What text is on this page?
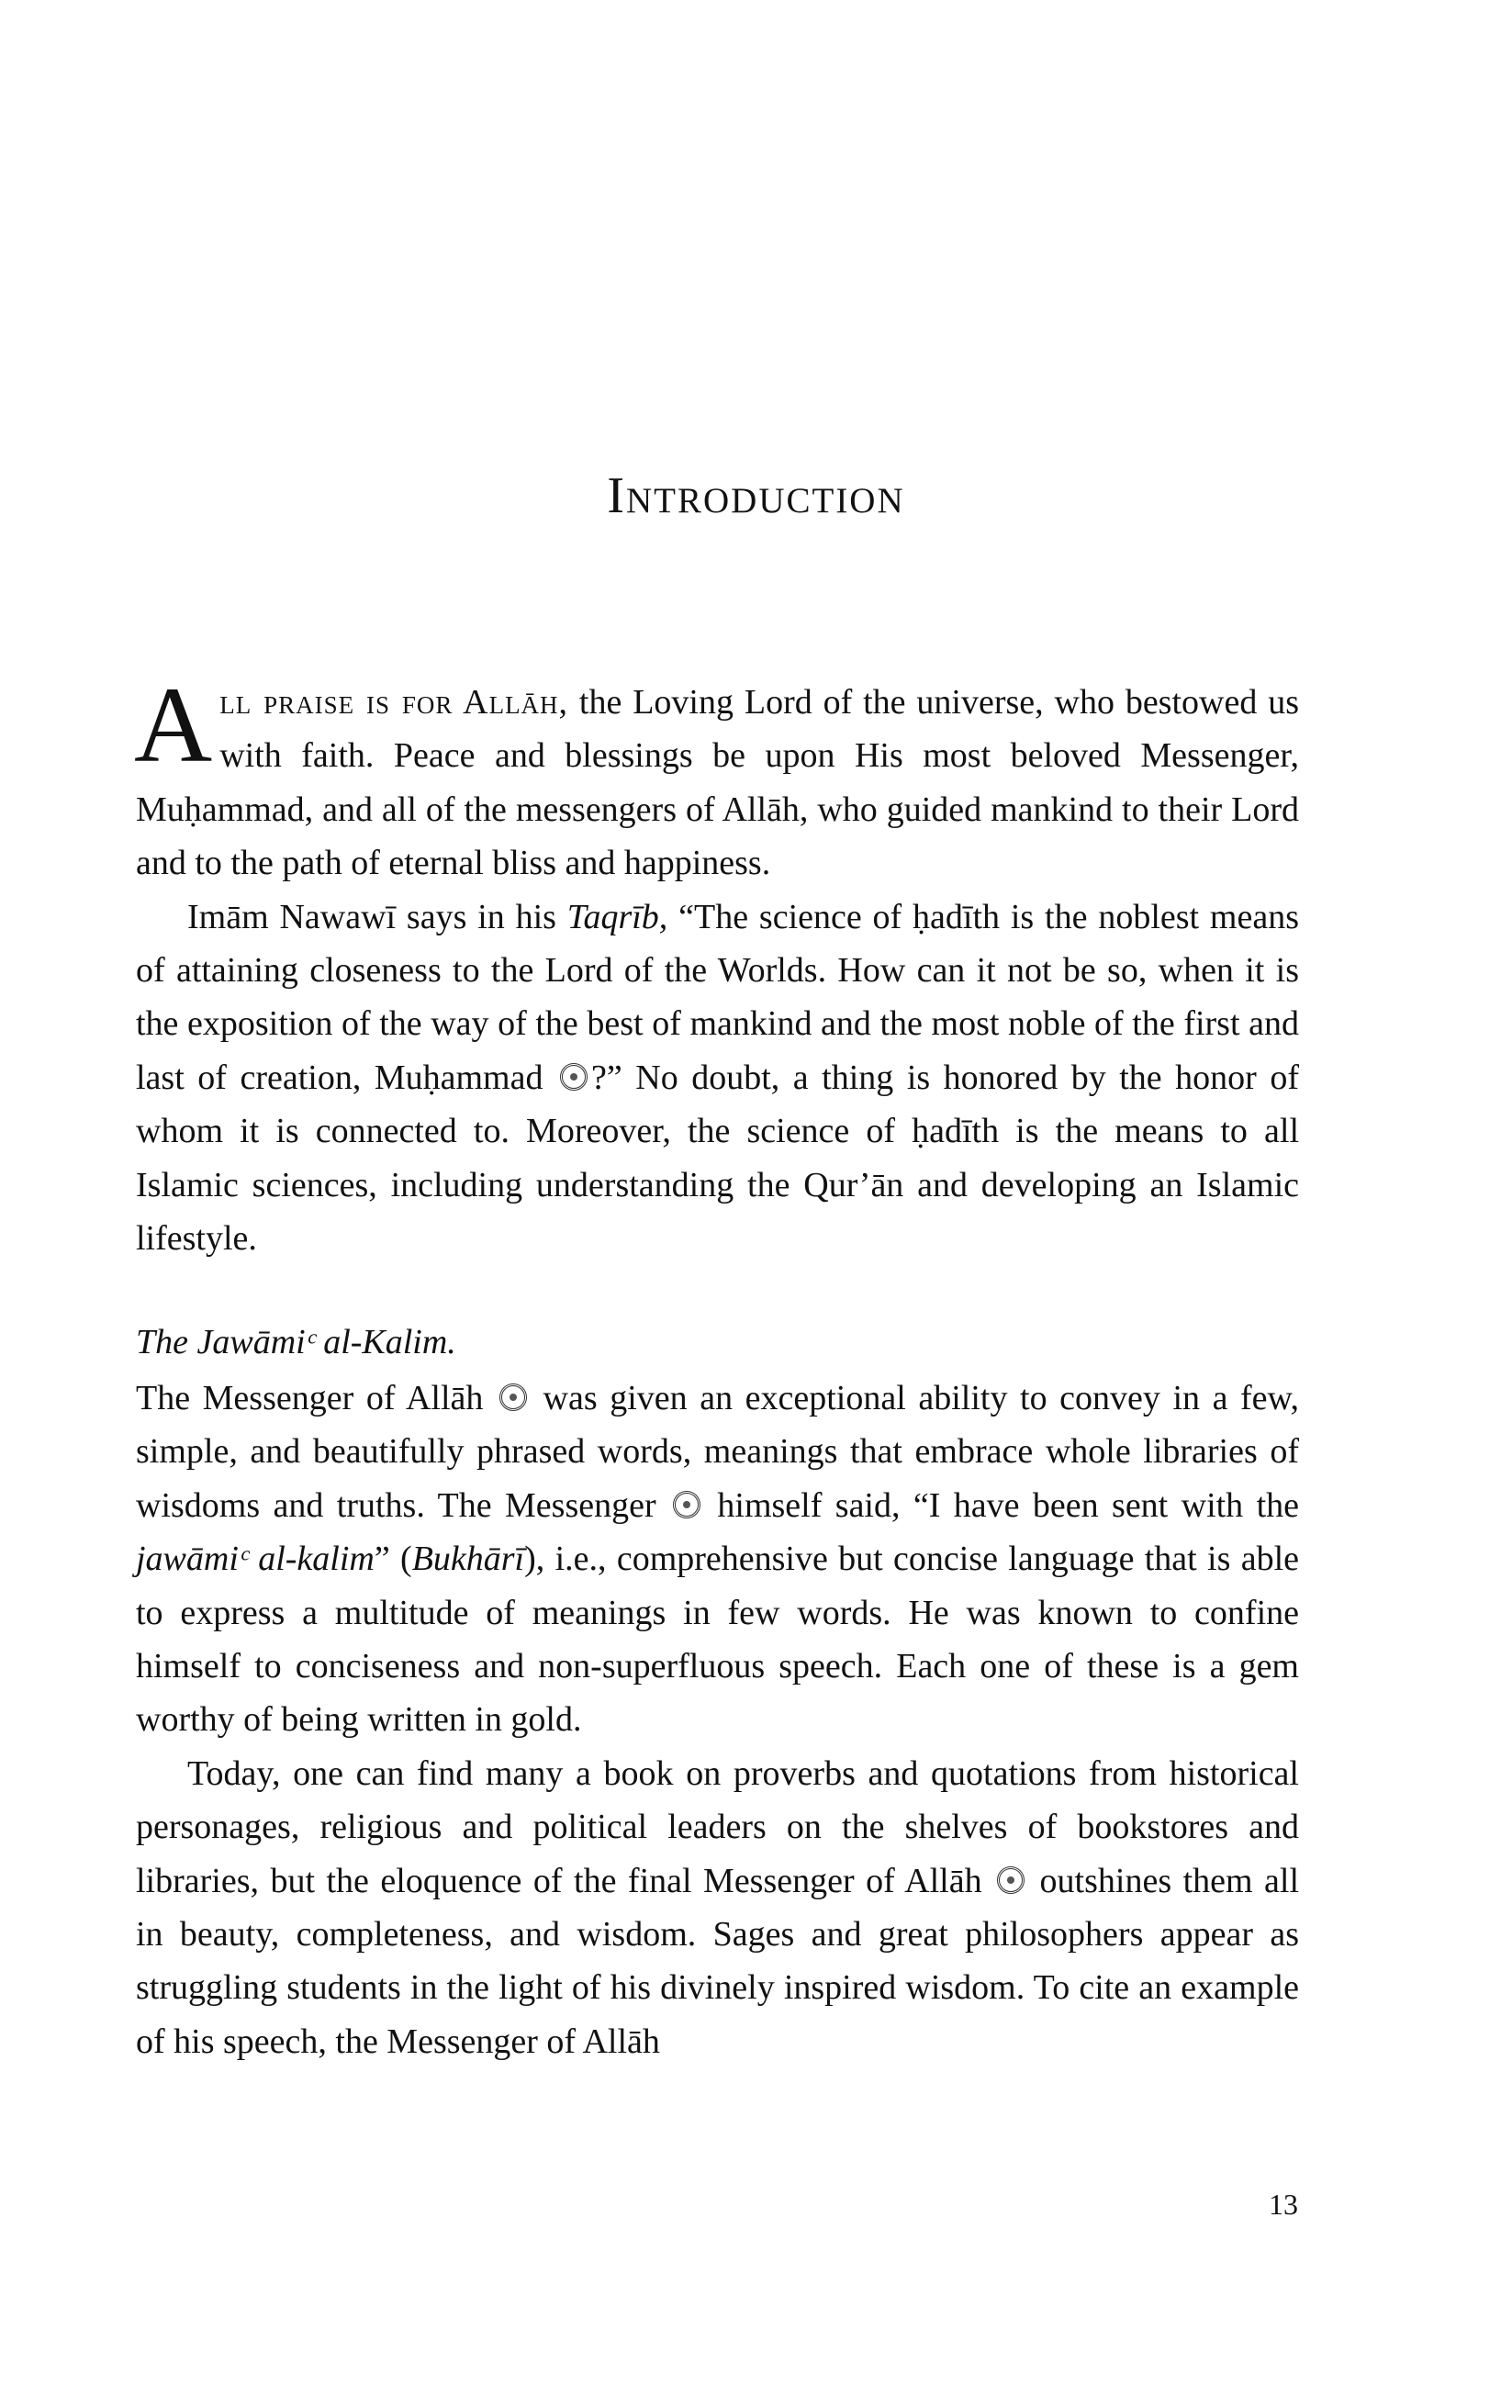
Introduction

All praise is for Allāh, the Loving Lord of the universe, who bestowed us with faith. Peace and blessings be upon His most beloved Messenger, Muḥammad, and all of the messengers of Allāh, who guided mankind to their Lord and to the path of eternal bliss and happiness.

Imām Nawawī says in his Taqrīb, “The science of ḥadīth is the noblest means of attaining closeness to the Lord of the Worlds. How can it not be so, when it is the exposition of the way of the best of mankind and the most noble of the first and last of creation, Muḥammad ?” No doubt, a thing is honored by the honor of whom it is connected to. Moreover, the science of ḥadīth is the means to all Islamic sciences, including understanding the Qur’ān and developing an Islamic lifestyle.

The Jawāmiᶜ al-Kalim.

The Messenger of Allāh was given an exceptional ability to convey in a few, simple, and beautifully phrased words, meanings that embrace whole libraries of wisdoms and truths. The Messenger himself said, “I have been sent with the jawāmiᶜ al-kalim” (Bukhārī), i.e., comprehensive but concise language that is able to express a multitude of meanings in few words. He was known to confine himself to conciseness and non-superfluous speech. Each one of these is a gem worthy of being written in gold.

Today, one can find many a book on proverbs and quotations from historical personages, religious and political leaders on the shelves of bookstores and libraries, but the eloquence of the final Messenger of Allāh outshines them all in beauty, completeness, and wisdom. Sages and great philosophers appear as struggling students in the light of his divinely inspired wisdom. To cite an example of his speech, the Messenger of Allāh

13
